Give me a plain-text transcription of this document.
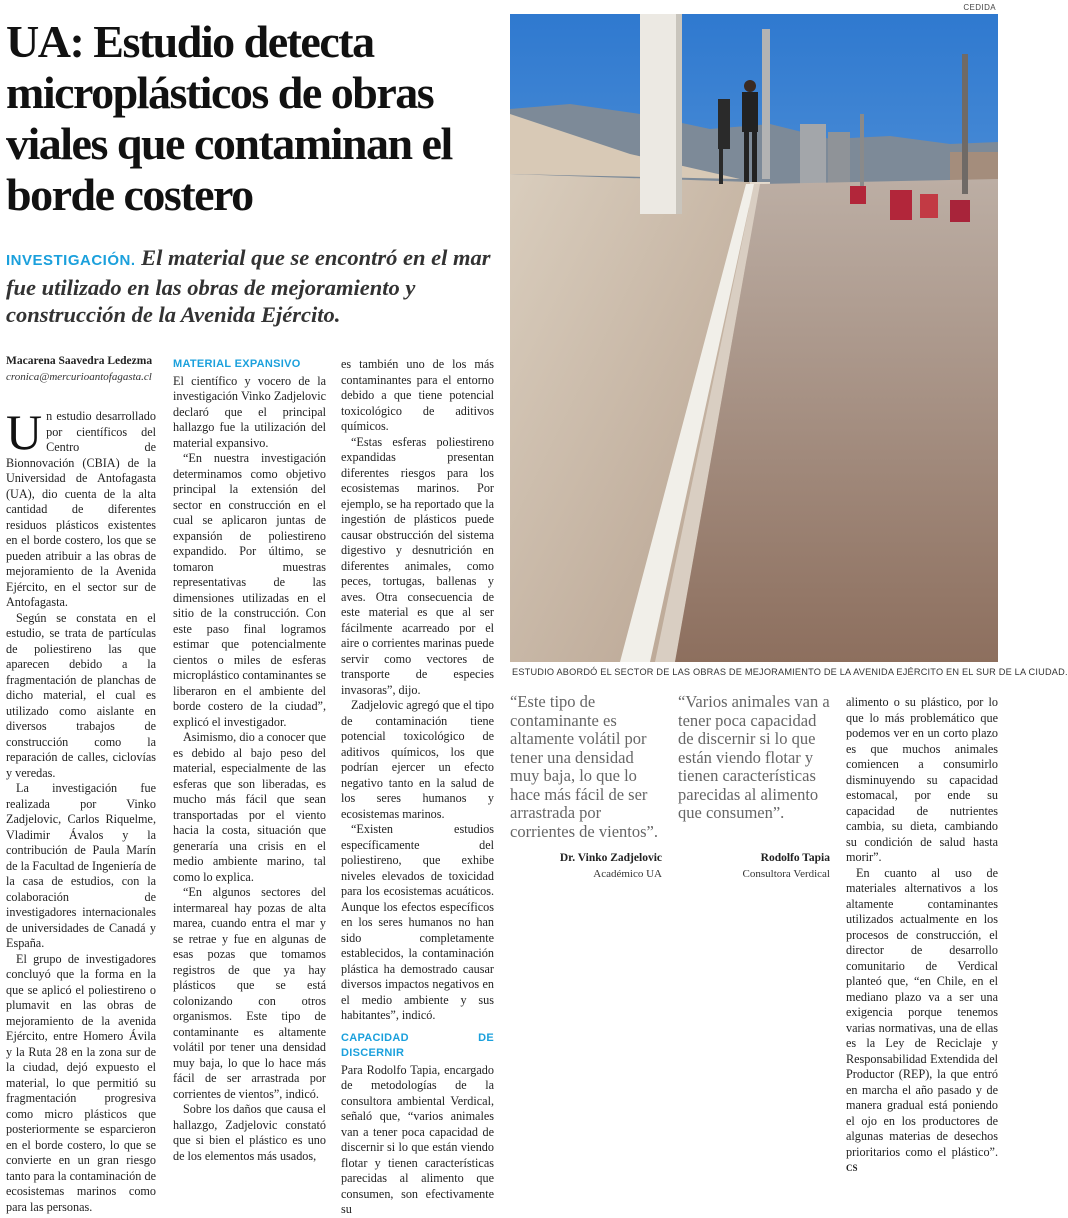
UA: Estudio detecta microplásticos de obras viales que contaminan el borde costero

INVESTIGACIÓN. El material que se encontró en el mar fue utilizado en las obras de mejoramiento y construcción de la Avenida Ejército.

CEDIDA
ESTUDIO ABORDÓ EL SECTOR DE LAS OBRAS DE MEJORAMIENTO DE LA AVENIDA EJÉRCITO EN EL SUR DE LA CIUDAD.
Macarena Saavedra Ledezma
cronica@mercurioantofagasta.cl

Un estudio desarrollado por científicos del Centro de Bionnovación (CBIA) de la Universidad de Antofagasta (UA), dio cuenta de la alta cantidad de diferentes residuos plásticos existentes en el borde costero, los que se pueden atribuir a las obras de mejoramiento de la Avenida Ejército, en el sector sur de Antofagasta.

Según se constata en el estudio, se trata de partículas de poliestireno las que aparecen debido a la fragmentación de planchas de dicho material, el cual es utilizado como aislante en diversos trabajos de construcción como la reparación de calles, ciclovías y veredas.

La investigación fue realizada por Vinko Zadjelovic, Carlos Riquelme, Vladimir Ávalos y la contribución de Paula Marín de la Facultad de Ingeniería de la casa de estudios, con la colaboración de investigadores internacionales de universidades de Canadá y España.

El grupo de investigadores concluyó que la forma en la que se aplicó el poliestireno o plumavit en las obras de mejoramiento de la avenida Ejército, entre Homero Ávila y la Ruta 28 en la zona sur de la ciudad, dejó expuesto el material, lo que permitió su fragmentación progresiva como micro plásticos que posteriormente se esparcieron en el borde costero, lo que se convierte en un gran riesgo tanto para la contaminación de ecosistemas marinos como para las personas.

MATERIAL EXPANSIVO

El científico y vocero de la investigación Vinko Zadjelovic declaró que el principal hallazgo fue la utilización del material expansivo.

“En nuestra investigación determinamos como objetivo principal la extensión del sector en construcción en el cual se aplicaron juntas de expansión de poliestireno expandido. Por último, se tomaron muestras representativas de las dimensiones utilizadas en el sitio de la construcción. Con este paso final logramos estimar que potencialmente cientos o miles de esferas microplástico contaminantes se liberaron en el ambiente del borde costero de la ciudad”, explicó el investigador.

Asimismo, dio a conocer que es debido al bajo peso del material, especialmente de las esferas que son liberadas, es mucho más fácil que sean transportadas por el viento hacia la costa, situación que generaría una crisis en el medio ambiente marino, tal como lo explica.

“En algunos sectores del intermareal hay pozas de alta marea, cuando entra el mar y se retrae y fue en algunas de esas pozas que tomamos registros de que ya hay plásticos que se está colonizando con otros organismos. Este tipo de contaminante es altamente volátil por tener una densidad muy baja, lo que lo hace más fácil de ser arrastrada por corrientes de vientos”, indicó.

Sobre los daños que causa el hallazgo, Zadjelovic constató que si bien el plástico es uno de los elementos más usados,

es también uno de los más contaminantes para el entorno debido a que tiene potencial toxicológico de aditivos químicos.

“Estas esferas poliestireno expandidas presentan diferentes riesgos para los ecosistemas marinos. Por ejemplo, se ha reportado que la ingestión de plásticos puede causar obstrucción del sistema digestivo y desnutrición en diferentes animales, como peces, tortugas, ballenas y aves. Otra consecuencia de este material es que al ser fácilmente acarreado por el aire o corrientes marinas puede servir como vectores de transporte de especies invasoras”, dijo.

Zadjelovic agregó que el tipo de contaminación tiene potencial toxicológico de aditivos químicos, los que podrían ejercer un efecto negativo tanto en la salud de los seres humanos y ecosistemas marinos.

“Existen estudios específicamente del poliestireno, que exhibe niveles elevados de toxicidad para los ecosistemas acuáticos. Aunque los efectos específicos en los seres humanos no han sido completamente establecidos, la contaminación plástica ha demostrado causar diversos impactos negativos en el medio ambiente y sus habitantes”, indicó.

CAPACIDAD DE DISCERNIR

Para Rodolfo Tapia, encargado de metodologías de la consultora ambiental Verdical, señaló que, “varios animales van a tener poca capacidad de discernir si lo que están viendo flotar y tienen características parecidas al alimento que consumen, son efectivamente su

“Este tipo de contaminante es altamente volátil por tener una densidad muy baja, lo que lo hace más fácil de ser arrastrada por corrientes de vientos”.
Dr. Vinko Zadjelovic
Académico UA
“Varios animales van a tener poca capacidad de discernir si lo que están viendo flotar y tienen características parecidas al alimento que consumen”.
Rodolfo Tapia
Consultora Verdical

alimento o su plástico, por lo que lo más problemático que podemos ver en un corto plazo es que muchos animales comiencen a consumirlo disminuyendo su capacidad estomacal, por ende su capacidad de nutrientes cambia, su dieta, cambiando su condición de salud hasta morir”.

En cuanto al uso de materiales alternativos a los altamente contaminantes utilizados actualmente en los procesos de construcción, el director de desarrollo comunitario de Verdical planteó que, “en Chile, en el mediano plazo va a ser una exigencia porque tenemos varias normativas, una de ellas es la Ley de Reciclaje y Responsabilidad Extendida del Productor (REP), la que entró en marcha el año pasado y de manera gradual está poniendo el ojo en los productores de algunas materias de desechos prioritarios como el plástico”. CS
